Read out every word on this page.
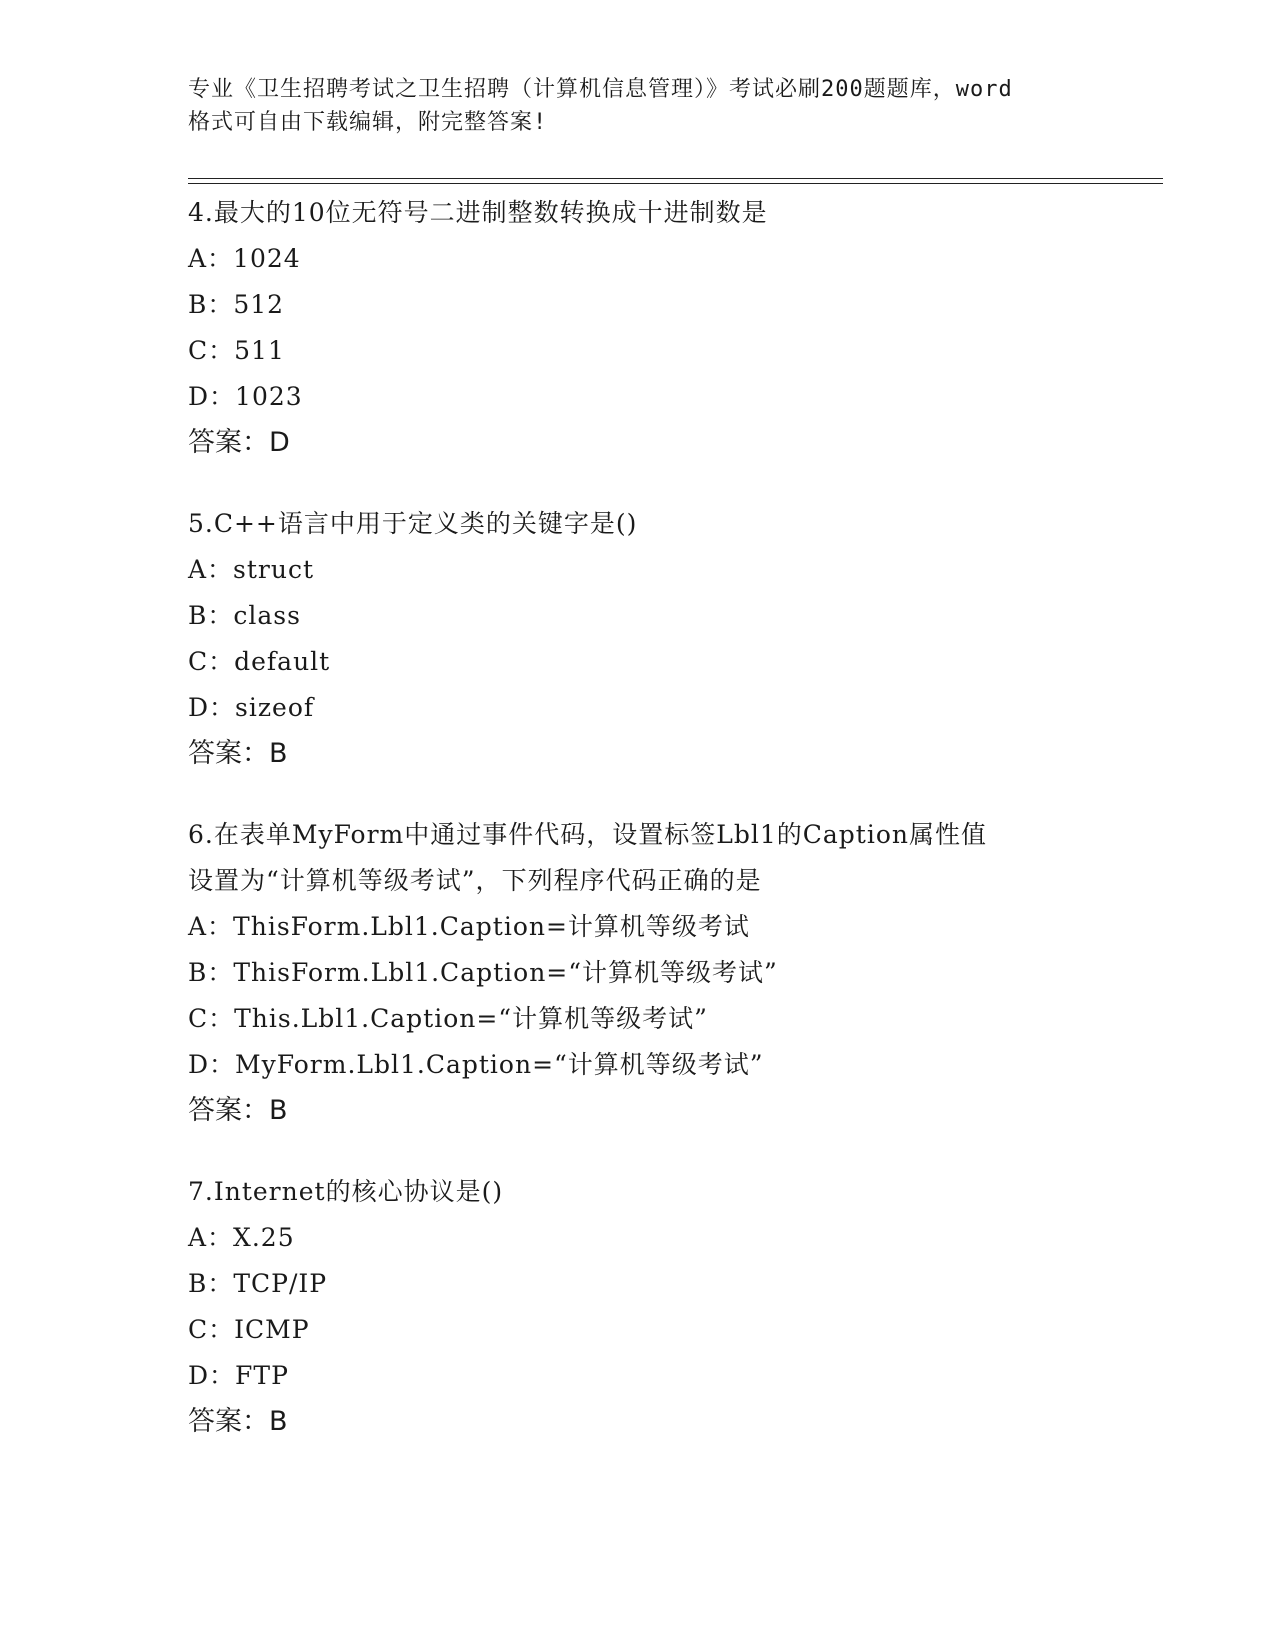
专业《卫生招聘考试之卫生招聘（计算机信息管理）》考试必刷200题题库，word
格式可自由下载编辑，附完整答案!
4.最大的10位无符号二进制整数转换成十进制数是
A：1024
B：512
C：511
D：1023
答案：D
5.C++语言中用于定义类的关键字是()
A：struct
B：class
C：default
D：sizeof
答案：B
6.在表单MyForm中通过事件代码，设置标签Lbl1的Caption属性值
设置为“计算机等级考试”，下列程序代码正确的是
A：ThisForm.Lbl1.Caption=计算机等级考试
B：ThisForm.Lbl1.Caption=“计算机等级考试”
C：This.Lbl1.Caption=“计算机等级考试”
D：MyForm.Lbl1.Caption=“计算机等级考试”
答案：B
7.Internet的核心协议是()
A：X.25
B：TCP/IP
C：ICMP
D：FTP
答案：B
